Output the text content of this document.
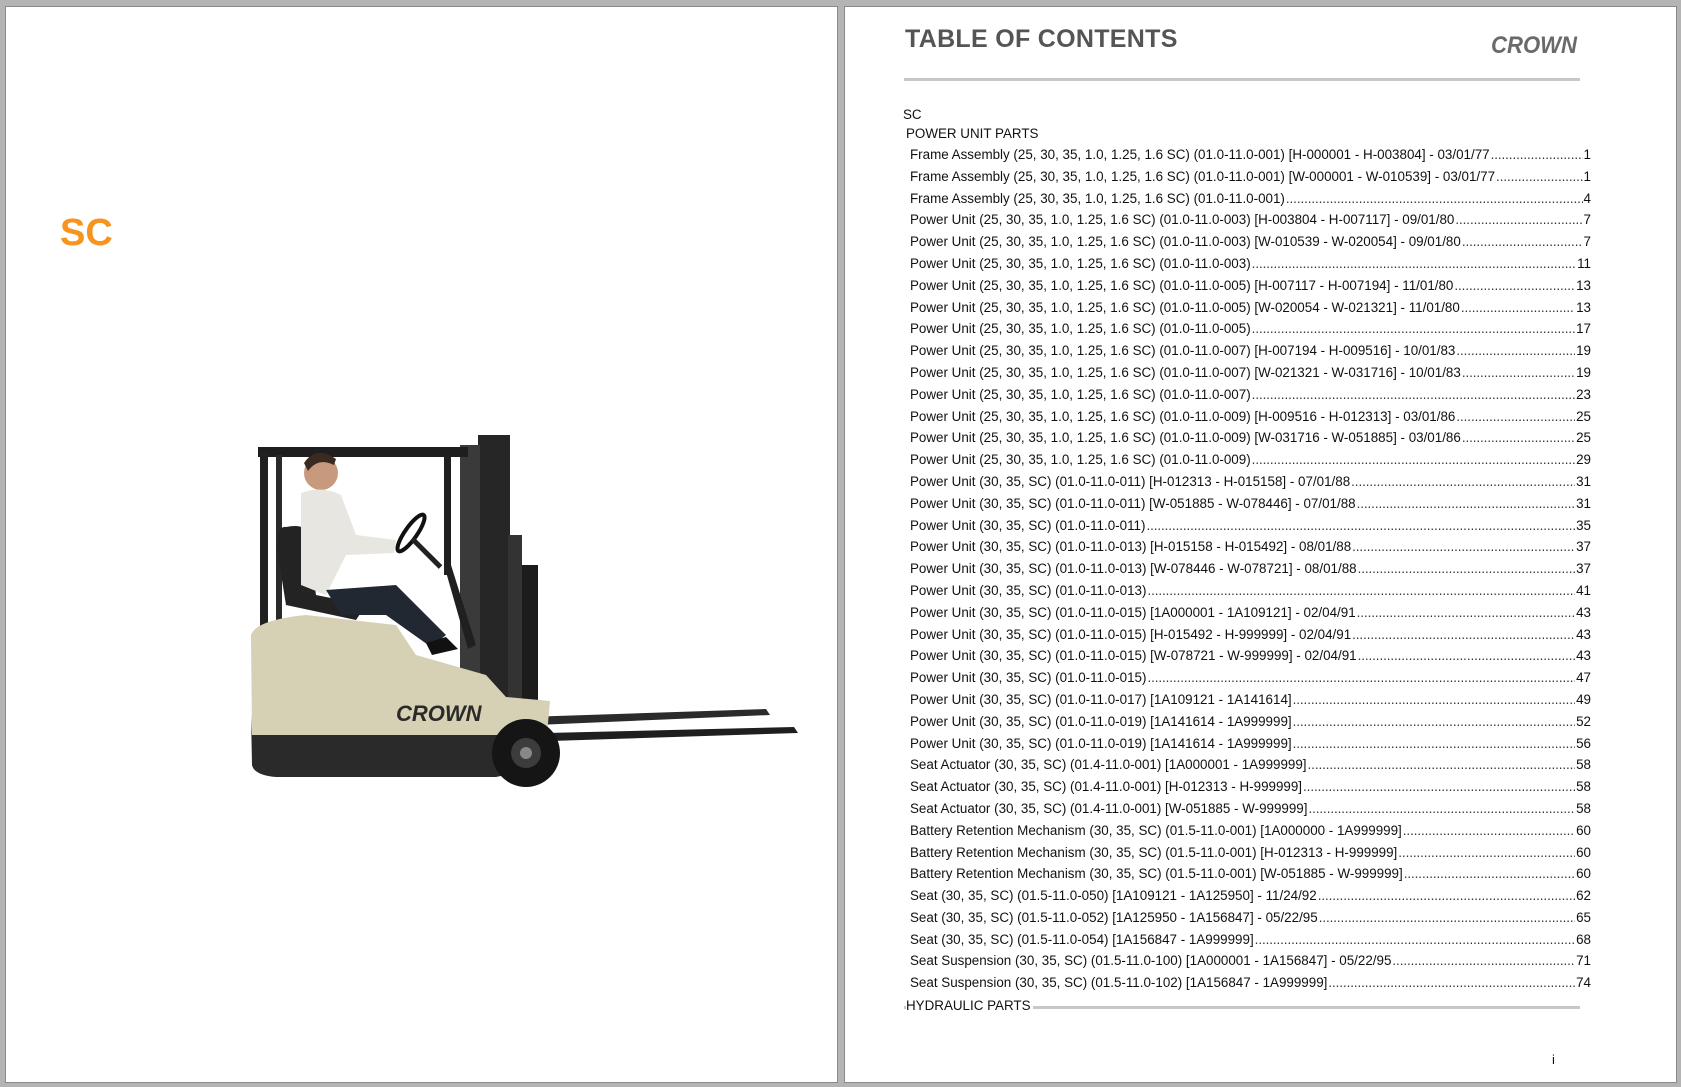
SC
CROWN
TABLE OF CONTENTS	CROWN
SC
POWER UNIT PARTS
Frame Assembly (25, 30, 35, 1.0, 1.25, 1.6 SC) (01.0-11.0-001) [H-000001 - H-003804] - 03/01/77 . . .	1
Frame Assembly (25, 30, 35, 1.0, 1.25, 1.6 SC) (01.0-11.0-001) [W-000001 - W-010539] - 03/01/77 . . .	1
Frame Assembly (25, 30, 35, 1.0, 1.25, 1.6 SC) (01.0-11.0-001) . . .	4
Power Unit (25, 30, 35, 1.0, 1.25, 1.6 SC) (01.0-11.0-003) [H-003804 - H-007117] - 09/01/80 . . .	7
Power Unit (25, 30, 35, 1.0, 1.25, 1.6 SC) (01.0-11.0-003) [W-010539 - W-020054] - 09/01/80 . . .	7
Power Unit (25, 30, 35, 1.0, 1.25, 1.6 SC) (01.0-11.0-003) . . .	11
Power Unit (25, 30, 35, 1.0, 1.25, 1.6 SC) (01.0-11.0-005) [H-007117 - H-007194] - 11/01/80 . . .	13
Power Unit (25, 30, 35, 1.0, 1.25, 1.6 SC) (01.0-11.0-005) [W-020054 - W-021321] - 11/01/80 . . .	13
Power Unit (25, 30, 35, 1.0, 1.25, 1.6 SC) (01.0-11.0-005) . . .	17
Power Unit (25, 30, 35, 1.0, 1.25, 1.6 SC) (01.0-11.0-007) [H-007194 - H-009516] - 10/01/83 . . .	19
Power Unit (25, 30, 35, 1.0, 1.25, 1.6 SC) (01.0-11.0-007) [W-021321 - W-031716] - 10/01/83 . . .	19
Power Unit (25, 30, 35, 1.0, 1.25, 1.6 SC) (01.0-11.0-007) . . .	23
Power Unit (25, 30, 35, 1.0, 1.25, 1.6 SC) (01.0-11.0-009) [H-009516 - H-012313] - 03/01/86 . . .	25
Power Unit (25, 30, 35, 1.0, 1.25, 1.6 SC) (01.0-11.0-009) [W-031716 - W-051885] - 03/01/86 . . .	25
Power Unit (25, 30, 35, 1.0, 1.25, 1.6 SC) (01.0-11.0-009) . . .	29
Power Unit (30, 35, SC) (01.0-11.0-011) [H-012313 - H-015158] - 07/01/88 . . .	31
Power Unit (30, 35, SC) (01.0-11.0-011) [W-051885 - W-078446] - 07/01/88 . . .	31
Power Unit (30, 35, SC) (01.0-11.0-011) . . .	35
Power Unit (30, 35, SC) (01.0-11.0-013) [H-015158 - H-015492] - 08/01/88 . . .	37
Power Unit (30, 35, SC) (01.0-11.0-013) [W-078446 - W-078721] - 08/01/88 . . .	37
Power Unit (30, 35, SC) (01.0-11.0-013) . . .	41
Power Unit (30, 35, SC) (01.0-11.0-015) [1A000001 - 1A109121] - 02/04/91 . . .	43
Power Unit (30, 35, SC) (01.0-11.0-015) [H-015492 - H-999999] - 02/04/91 . . .	43
Power Unit (30, 35, SC) (01.0-11.0-015) [W-078721 - W-999999] - 02/04/91 . . .	43
Power Unit (30, 35, SC) (01.0-11.0-015) . . .	47
Power Unit (30, 35, SC) (01.0-11.0-017) [1A109121 - 1A141614] . . .	49
Power Unit (30, 35, SC) (01.0-11.0-019) [1A141614 - 1A999999] . . .	52
Power Unit (30, 35, SC) (01.0-11.0-019) [1A141614 - 1A999999] . . .	56
Seat Actuator (30, 35, SC) (01.4-11.0-001) [1A000001 - 1A999999] . . .	58
Seat Actuator (30, 35, SC) (01.4-11.0-001) [H-012313 - H-999999] . . .	58
Seat Actuator (30, 35, SC) (01.4-11.0-001) [W-051885 - W-999999] . . .	58
Battery Retention Mechanism (30, 35, SC) (01.5-11.0-001) [1A000000 - 1A999999] . . .	60
Battery Retention Mechanism (30, 35, SC) (01.5-11.0-001) [H-012313 - H-999999] . . .	60
Battery Retention Mechanism (30, 35, SC) (01.5-11.0-001) [W-051885 - W-999999] . . .	60
Seat (30, 35, SC) (01.5-11.0-050) [1A109121 - 1A125950] - 11/24/92 . . .	62
Seat (30, 35, SC) (01.5-11.0-052) [1A125950 - 1A156847] - 05/22/95 . . .	65
Seat (30, 35, SC) (01.5-11.0-054) [1A156847 - 1A999999] . . .	68
Seat Suspension (30, 35, SC) (01.5-11.0-100) [1A000001 - 1A156847] - 05/22/95 . . .	71
Seat Suspension (30, 35, SC) (01.5-11.0-102) [1A156847 - 1A999999] . . .	74
HYDRAULIC PARTS
i
